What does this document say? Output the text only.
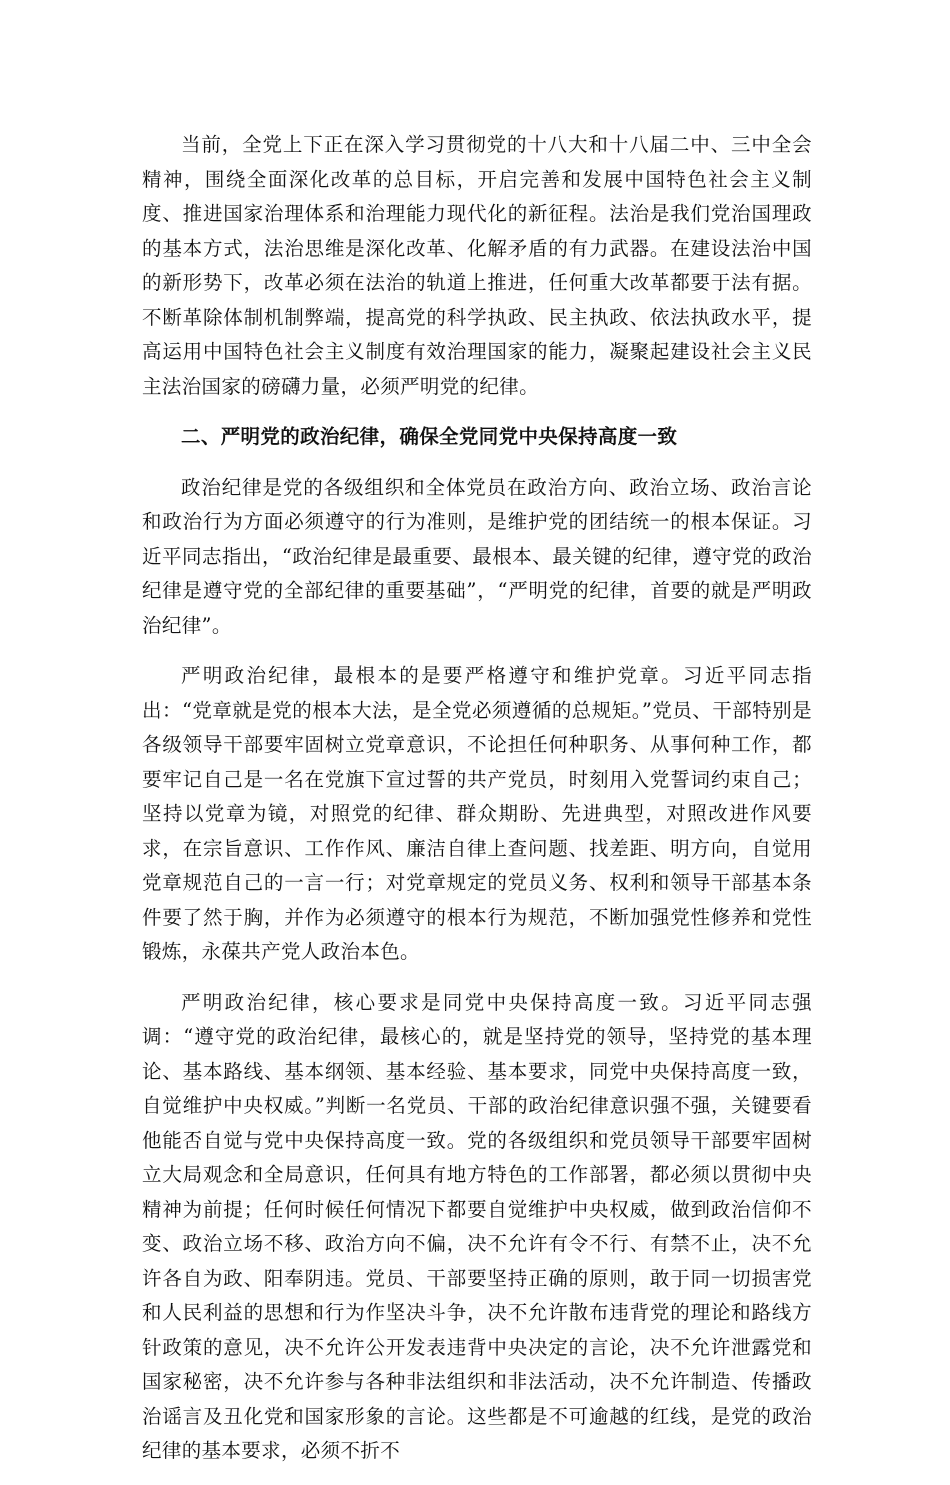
当前，全党上下正在深入学习贯彻党的十八大和十八届二中、三中全会精神，围绕全面深化改革的总目标，开启完善和发展中国特色社会主义制度、推进国家治理体系和治理能力现代化的新征程。法治是我们党治国理政的基本方式，法治思维是深化改革、化解矛盾的有力武器。在建设法治中国的新形势下，改革必须在法治的轨道上推进，任何重大改革都要于法有据。不断革除体制机制弊端，提高党的科学执政、民主执政、依法执政水平，提高运用中国特色社会主义制度有效治理国家的能力，凝聚起建设社会主义民主法治国家的磅礴力量，必须严明党的纪律。

二、严明党的政治纪律，确保全党同党中央保持高度一致

政治纪律是党的各级组织和全体党员在政治方向、政治立场、政治言论和政治行为方面必须遵守的行为准则，是维护党的团结统一的根本保证。习近平同志指出，“政治纪律是最重要、最根本、最关键的纪律，遵守党的政治纪律是遵守党的全部纪律的重要基础”，“严明党的纪律，首要的就是严明政治纪律”。

严明政治纪律，最根本的是要严格遵守和维护党章。习近平同志指出：“党章就是党的根本大法，是全党必须遵循的总规矩。”党员、干部特别是各级领导干部要牢固树立党章意识，不论担任何种职务、从事何种工作，都要牢记自己是一名在党旗下宣过誓的共产党员，时刻用入党誓词约束自己；坚持以党章为镜，对照党的纪律、群众期盼、先进典型，对照改进作风要求，在宗旨意识、工作作风、廉洁自律上查问题、找差距、明方向，自觉用党章规范自己的一言一行；对党章规定的党员义务、权利和领导干部基本条件要了然于胸，并作为必须遵守的根本行为规范，不断加强党性修养和党性锻炼，永葆共产党人政治本色。

严明政治纪律，核心要求是同党中央保持高度一致。习近平同志强调：“遵守党的政治纪律，最核心的，就是坚持党的领导，坚持党的基本理论、基本路线、基本纲领、基本经验、基本要求，同党中央保持高度一致，自觉维护中央权威。”判断一名党员、干部的政治纪律意识强不强，关键要看他能否自觉与党中央保持高度一致。党的各级组织和党员领导干部要牢固树立大局观念和全局意识，任何具有地方特色的工作部署，都必须以贯彻中央精神为前提；任何时候任何情况下都要自觉维护中央权威，做到政治信仰不变、政治立场不移、政治方向不偏，决不允许有令不行、有禁不止，决不允许各自为政、阳奉阴违。党员、干部要坚持正确的原则，敢于同一切损害党和人民利益的思想和行为作坚决斗争，决不允许散布违背党的理论和路线方针政策的意见，决不允许公开发表违背中央决定的言论，决不允许泄露党和国家秘密，决不允许参与各种非法组织和非法活动，决不允许制造、传播政治谣言及丑化党和国家形象的言论。这些都是不可逾越的红线，是党的政治纪律的基本要求，必须不折不
